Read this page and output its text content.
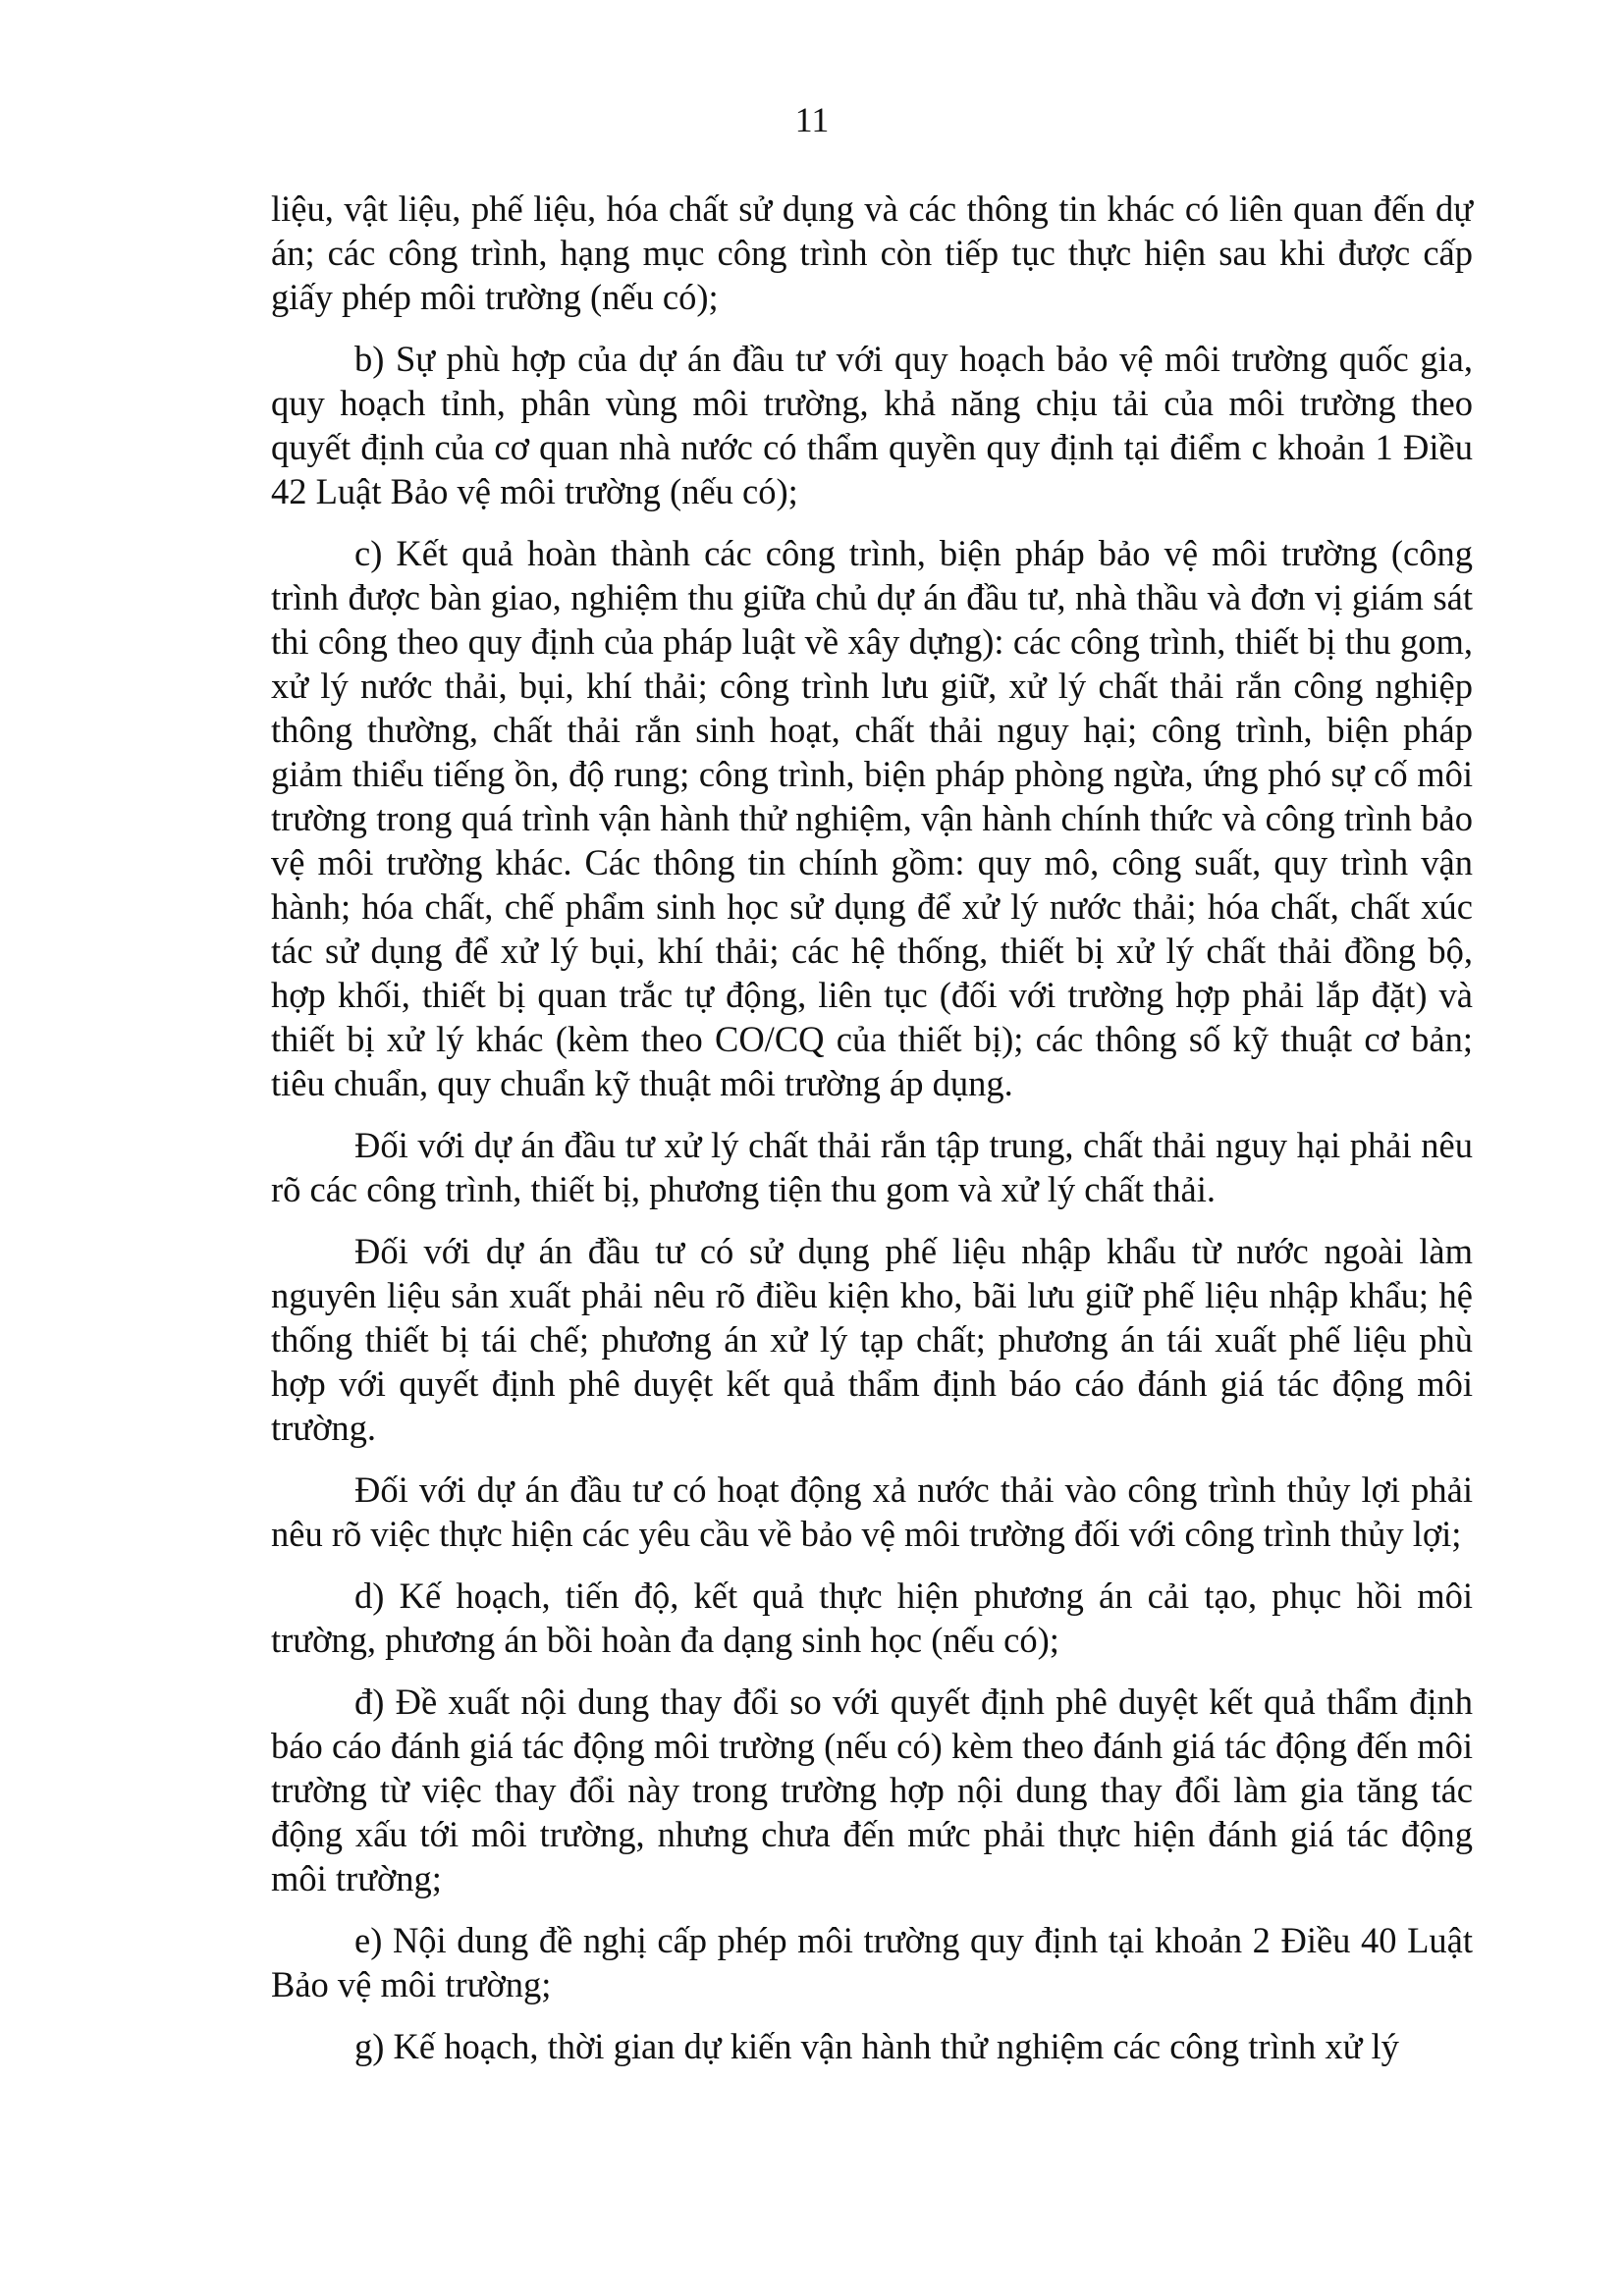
11

liệu, vật liệu, phế liệu, hóa chất sử dụng và các thông tin khác có liên quan đến dự án; các công trình, hạng mục công trình còn tiếp tục thực hiện sau khi được cấp giấy phép môi trường (nếu có);

b) Sự phù hợp của dự án đầu tư với quy hoạch bảo vệ môi trường quốc gia, quy hoạch tỉnh, phân vùng môi trường, khả năng chịu tải của môi trường theo quyết định của cơ quan nhà nước có thẩm quyền quy định tại điểm c khoản 1 Điều 42 Luật Bảo vệ môi trường (nếu có);

c) Kết quả hoàn thành các công trình, biện pháp bảo vệ môi trường (công trình được bàn giao, nghiệm thu giữa chủ dự án đầu tư, nhà thầu và đơn vị giám sát thi công theo quy định của pháp luật về xây dựng): các công trình, thiết bị thu gom, xử lý nước thải, bụi, khí thải; công trình lưu giữ, xử lý chất thải rắn công nghiệp thông thường, chất thải rắn sinh hoạt, chất thải nguy hại; công trình, biện pháp giảm thiểu tiếng ồn, độ rung; công trình, biện pháp phòng ngừa, ứng phó sự cố môi trường trong quá trình vận hành thử nghiệm, vận hành chính thức và công trình bảo vệ môi trường khác. Các thông tin chính gồm: quy mô, công suất, quy trình vận hành; hóa chất, chế phẩm sinh học sử dụng để xử lý nước thải; hóa chất, chất xúc tác sử dụng để xử lý bụi, khí thải; các hệ thống, thiết bị xử lý chất thải đồng bộ, hợp khối, thiết bị quan trắc tự động, liên tục (đối với trường hợp phải lắp đặt) và thiết bị xử lý khác (kèm theo CO/CQ của thiết bị); các thông số kỹ thuật cơ bản; tiêu chuẩn, quy chuẩn kỹ thuật môi trường áp dụng.

Đối với dự án đầu tư xử lý chất thải rắn tập trung, chất thải nguy hại phải nêu rõ các công trình, thiết bị, phương tiện thu gom và xử lý chất thải.

Đối với dự án đầu tư có sử dụng phế liệu nhập khẩu từ nước ngoài làm nguyên liệu sản xuất phải nêu rõ điều kiện kho, bãi lưu giữ phế liệu nhập khẩu; hệ thống thiết bị tái chế; phương án xử lý tạp chất; phương án tái xuất phế liệu phù hợp với quyết định phê duyệt kết quả thẩm định báo cáo đánh giá tác động môi trường.

Đối với dự án đầu tư có hoạt động xả nước thải vào công trình thủy lợi phải nêu rõ việc thực hiện các yêu cầu về bảo vệ môi trường đối với công trình thủy lợi;

d) Kế hoạch, tiến độ, kết quả thực hiện phương án cải tạo, phục hồi môi trường, phương án bồi hoàn đa dạng sinh học (nếu có);

đ) Đề xuất nội dung thay đổi so với quyết định phê duyệt kết quả thẩm định báo cáo đánh giá tác động môi trường (nếu có) kèm theo đánh giá tác động đến môi trường từ việc thay đổi này trong trường hợp nội dung thay đổi làm gia tăng tác động xấu tới môi trường, nhưng chưa đến mức phải thực hiện đánh giá tác động môi trường;

e) Nội dung đề nghị cấp phép môi trường quy định tại khoản 2 Điều 40 Luật Bảo vệ môi trường;

g) Kế hoạch, thời gian dự kiến vận hành thử nghiệm các công trình xử lý
